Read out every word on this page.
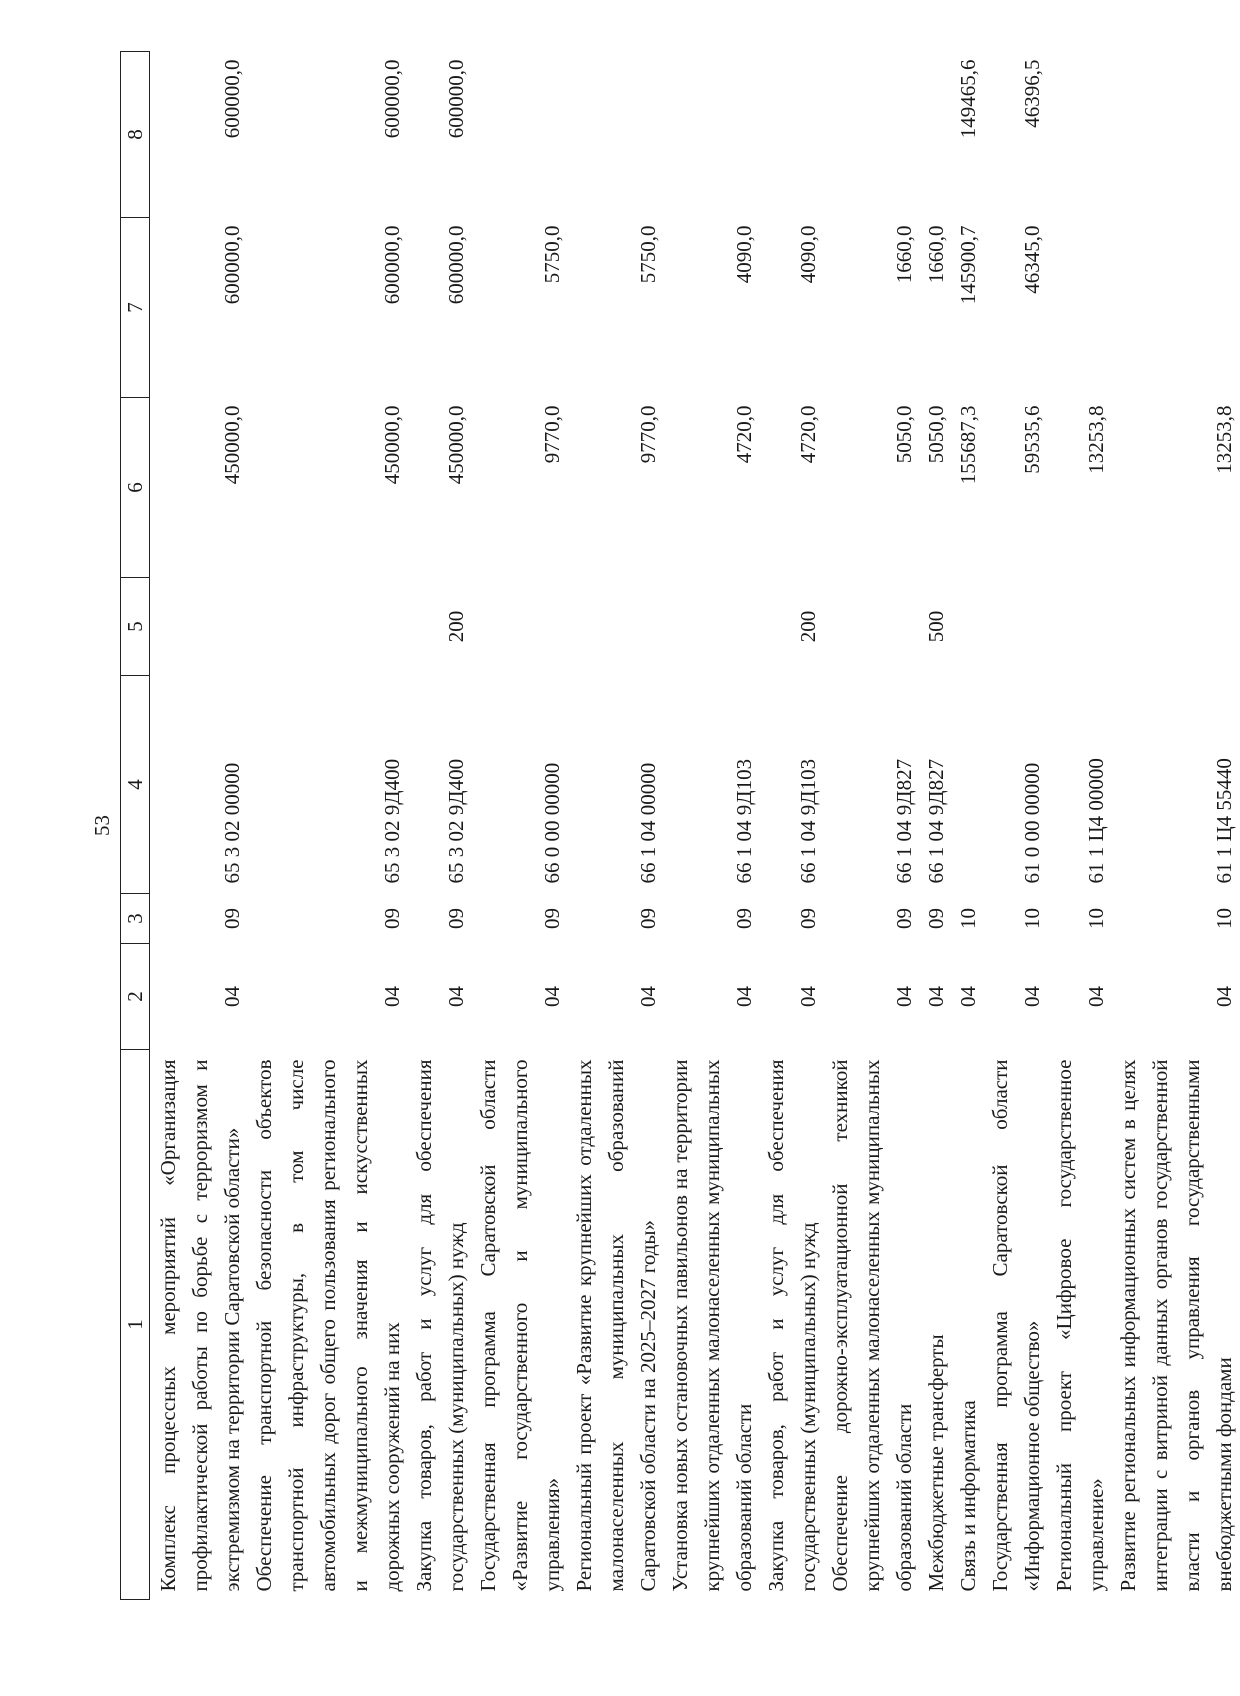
53
1	2	3	4	5	6	7	8
Комплекс процессных мероприятий «Организация профилактической работы по борьбе с терроризмом и экстремизмом на территории Саратовской области»	04	09	65 3 02 00000		450000,0	600000,0	600000,0
Обеспечение транспортной безопасности объектов транспортной инфраструктуры, в том числе автомобильных дорог общего пользования регионального и межмуниципального значения и искусственных дорожных сооружений на них	04	09	65 3 02 9Д400		450000,0	600000,0	600000,0
Закупка товаров, работ и услуг для обеспечения государственных (муниципальных) нужд	04	09	65 3 02 9Д400	200	450000,0	600000,0	600000,0
Государственная программа Саратовской области «Развитие государственного и муниципального управления»	04	09	66 0 00 00000		9770,0	5750,0	
Региональный проект «Развитие крупнейших отдаленных малонаселенных муниципальных образований Саратовской области на 2025–2027 годы»	04	09	66 1 04 00000		9770,0	5750,0	
Установка новых остановочных павильонов на территории крупнейших отдаленных малонаселенных муниципальных образований области	04	09	66 1 04 9Д103		4720,0	4090,0	
Закупка товаров, работ и услуг для обеспечения государственных (муниципальных) нужд	04	09	66 1 04 9Д103	200	4720,0	4090,0	
Обеспечение дорожно-эксплуатационной техникой крупнейших отдаленных малонаселенных муниципальных образований области	04	09	66 1 04 9Д827		5050,0	1660,0	
Межбюджетные трансферты	04	09	66 1 04 9Д827	500	5050,0	1660,0	
Связь и информатика	04	10			155687,3	145900,7	149465,6
Государственная программа Саратовской области «Информационное общество»	04	10	61 0 00 00000		59535,6	46345,0	46396,5
Региональный проект «Цифровое государственное управление»	04	10	61 1 Ц4 00000		13253,8		
Развитие региональных информационных систем в целях интеграции с витриной данных органов государственной власти и органов управления государственными внебюджетными фондами	04	10	61 1 Ц4 55440		13253,8		
